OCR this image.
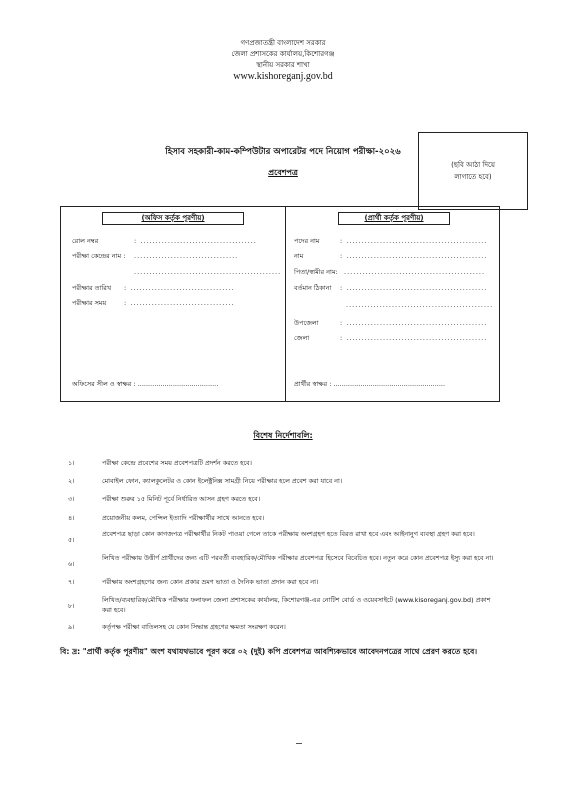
গণপ্রজাতন্ত্রী বাংলাদেশ সরকার
জেলা প্রশাসকের কার্যালয়,কিশোরগঞ্জ
স্থানীয় সরকার শাখা
www.kishoreganj.gov.bd
হিসাব সহকারী-কাম-কম্পিউটার অপারেটর পদে নিয়োগ পরীক্ষা-২০২৬
প্রবেশপত্র
(ছবি আঠা দিয়ে
লাগাতে হবে)
(অফিস কর্তৃক পূরণীয়)	(প্রার্থী কর্তৃক পূরণীয়)
রোল নম্বর	: ......................................
পরীক্ষা কেন্দ্রের নাম : ..................................
................................................
পরীক্ষার তারিখ : ..................................
পরীক্ষার সময়	: ..................................
অফিসের সীল ও স্বাক্ষর : .......................................
পদের নাম	: ..............................................
নাম	: ..............................................
পিতা/স্বামীর নাম: ..............................................
বর্তমান ঠিকানা : ..............................................
................................................
উপজেলা	: ..............................................
জেলা	: ..............................................
প্রার্থীর স্বাক্ষর : ......................................................
বিশেষ নির্দেশাবলি:
১।	পরীক্ষা কেন্দ্রে প্রবেশের সময় প্রবেশপত্রটি প্রদর্শন করতে হবে।
২।	মোবাইল ফোন, ক্যালকুলেটর ও কোন ইলেক্ট্রনিক্স সামগ্রী নিয়ে পরীক্ষার হলে প্রবেশ করা যাবে না।
৩।	পরীক্ষা শুরুর ১৫ মিনিট পূর্বে নির্ধারিত আসন গ্রহণ করতে হবে।
৪।	প্রয়োজনীয় কলম, পেন্সিল ইত্যাদি পরীক্ষার্থীর সাথে আনতে হবে।
৫।
প্রবেশপত্র ছাড়া কোন কাগজপত্র পরীক্ষার্থীর নিকট পাওয়া গেলে তাকে পরীক্ষায় অংশগ্রহণ হতে বিরত রাখা হবে এবং আইনানুগ ব্যবস্থা গ্রহণ করা হবে।
৬।
লিখিত পরীক্ষায় উত্তীর্ণ প্রার্থীদের জন্য এটি পরবর্তী ব্যবহারিক/মৌখিক পরীক্ষার প্রবেশপত্র হিসেবে বিবেচিত হবে। নতুন করে কোন প্রবেশপত্র ইস্যু করা হবে না।
৭।	পরীক্ষায় অংশগ্রহণের জন্য কোন প্রকার ভ্রমণ ভাতা ও দৈনিক ভাতা প্রদান করা হবে না।
৮।
লিখিত/ব্যবহারিক/মৌখিক পরীক্ষার ফলাফল জেলা প্রশাসকের কার্যালয়, কিশোরগঞ্জ-এর নোটিশ বোর্ড ও ওয়েবসাইটে (www.kisoreganj.gov.bd) প্রকাশ করা হবে।
৯।	কর্তৃপক্ষ পরীক্ষা বাতিলসহ যে কোন সিদ্ধান্ত গ্রহণের ক্ষমতা সংরক্ষণ করেন।
বি: দ্র: "প্রার্থী কর্তৃক পূরণীয়" অংশ যথাযথভাবে পূরণ করে ০২ (দুই) কপি প্রবেশপত্র আবশ্যিকভাবে আবেদনপত্রের সাথে প্রেরণ করতে হবে।
